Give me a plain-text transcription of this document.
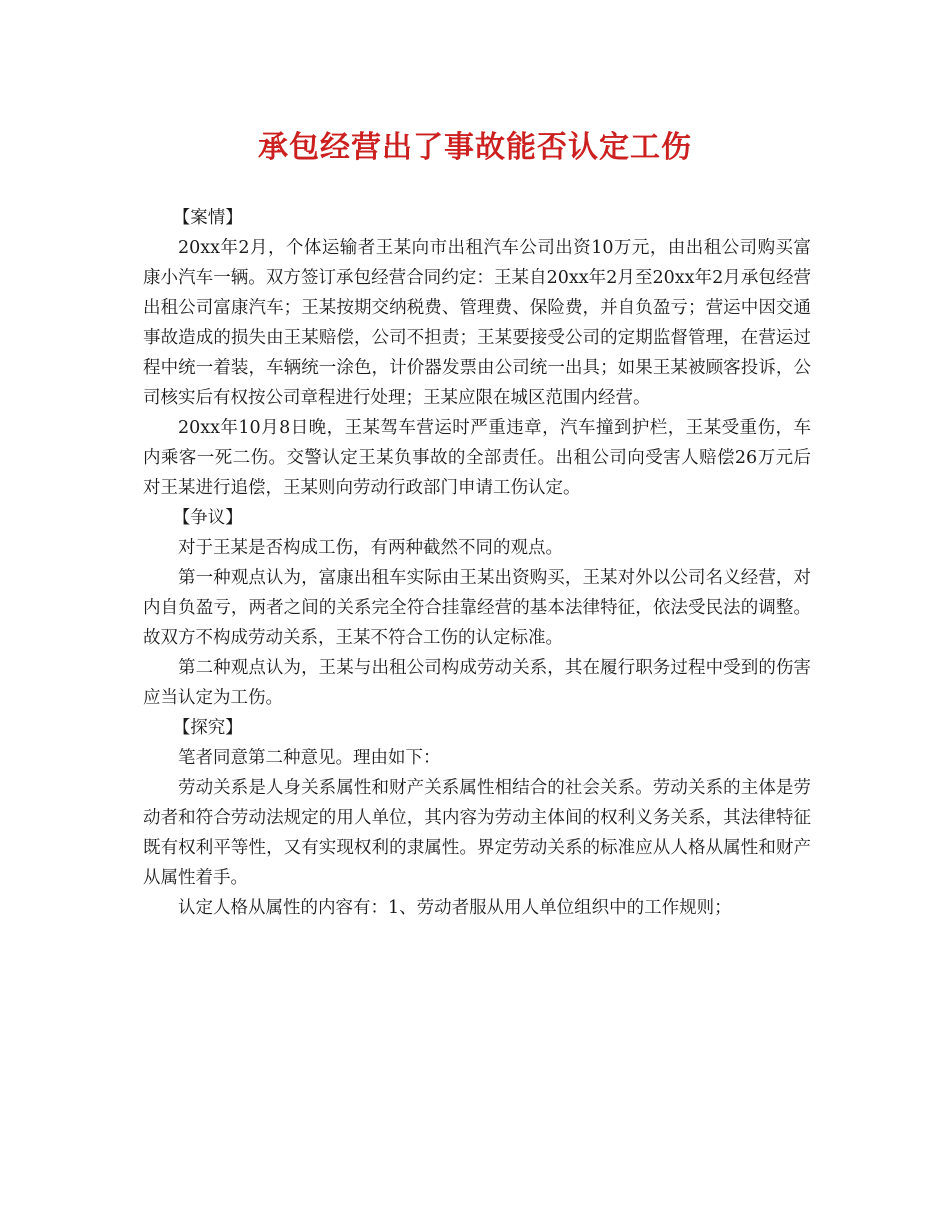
承包经营出了事故能否认定工伤

【案情】

20xx年2月，个体运输者王某向市出租汽车公司出资10万元，由出租公司购买富康小汽车一辆。双方签订承包经营合同约定：王某自20xx年2月至20xx年2月承包经营出租公司富康汽车；王某按期交纳税费、管理费、保险费，并自负盈亏；营运中因交通事故造成的损失由王某赔偿，公司不担责；王某要接受公司的定期监督管理，在营运过程中统一着装，车辆统一涂色，计价器发票由公司统一出具；如果王某被顾客投诉，公司核实后有权按公司章程进行处理；王某应限在城区范围内经营。

20xx年10月8日晚，王某驾车营运时严重违章，汽车撞到护栏，王某受重伤，车内乘客一死二伤。交警认定王某负事故的全部责任。出租公司向受害人赔偿26万元后对王某进行追偿，王某则向劳动行政部门申请工伤认定。

【争议】

对于王某是否构成工伤，有两种截然不同的观点。

第一种观点认为，富康出租车实际由王某出资购买，王某对外以公司名义经营，对内自负盈亏，两者之间的关系完全符合挂靠经营的基本法律特征，依法受民法的调整。故双方不构成劳动关系，王某不符合工伤的认定标准。

第二种观点认为，王某与出租公司构成劳动关系，其在履行职务过程中受到的伤害应当认定为工伤。

【探究】

笔者同意第二种意见。理由如下：

劳动关系是人身关系属性和财产关系属性相结合的社会关系。劳动关系的主体是劳动者和符合劳动法规定的用人单位，其内容为劳动主体间的权利义务关系，其法律特征既有权利平等性，又有实现权利的隶属性。界定劳动关系的标准应从人格从属性和财产从属性着手。

认定人格从属性的内容有：1、劳动者服从用人单位组织中的工作规则；
